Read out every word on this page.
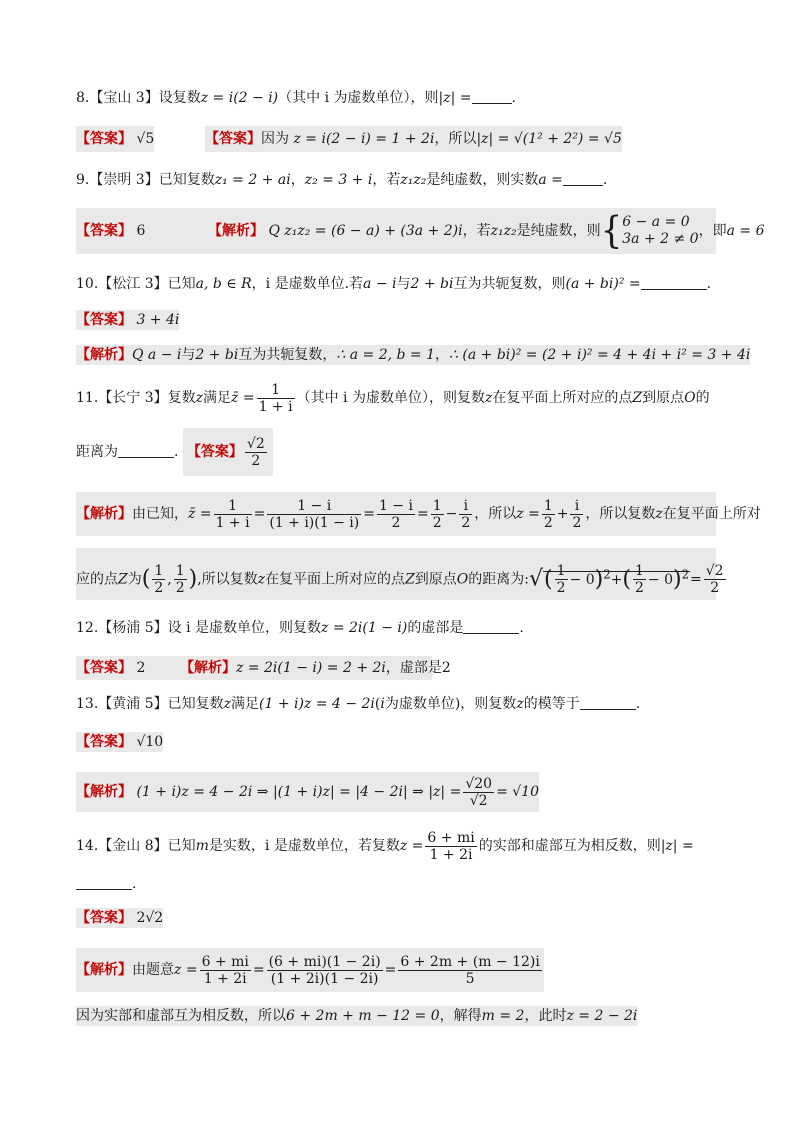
8.【宝山 3】设复数z = i(2 − i)（其中 i 为虚数单位），则|z| =	.
【答案】 √5	【答案】因为 z = i(2 − i) = 1 + 2i，所以|z| = √(1² + 2²) = √5
9.【崇明 3】已知复数z₁ = 2 + ai，z₂ = 3 + i，若z₁z₂是纯虚数，则实数a =	.
【答案】 6	【解析】 Q z₁z₂ = (6 − a) + (3a + 2)i，若z₁z₂是纯虚数，则{ 6 − a = 0
3a + 2 ≠ 0 ，即a = 6
10.【松江 3】已知a, b ∈ R，i 是虚数单位.若a − i与2 + bi互为共轭复数，则(a + bi)² =	.
【答案】 3 + 4i
【解析】Q a − i与2 + bi互为共轭复数，∴ a = 2, b = 1，∴ (a + bi)² = (2 + i)² = 4 + 4i + i² = 3 + 4i
11.【长宁 3】复数z满足z̄ = $\frac{1}{1 + i}$ （其中 i 为虚数单位），则复数z在复平面上所对应的点Z到原点O的
距离为	. 【答案】 $\frac{√2}{2}$
【解析】由已知，z̄ = $\frac{1}{1 + i} = \frac{1 - i}{(1 + i)(1 - i)} = \frac{1 - i}{2} = \frac{1}{2} - \frac{i}{2}$ ，所以$z = \frac{1}{2} + \frac{i}{2}$ ，所以复数z在复平面上所对
应的点Z为( $\frac{1}{2}$ , $\frac{1}{2}$ ),所以复数z在复平面上所对应的点Z到原点O的距离为:√( $\frac{1}{2} - 0)^2+( \frac{1}{2} - 0)^2= \frac{√2}{2}$
12.【杨浦 5】设 i 是虚数单位，则复数z = 2i(1 − i)的虚部是	.
【答案】 2 【解析】z = 2i(1 − i) = 2 + 2i，虚部是2
13.【黄浦 5】已知复数z满足(1 + i)z = 4 − 2i(i为虚数单位)，则复数z的模等于	.
【答案】 √10
【解析】 (1 + i)z = 4 − 2i ⇒ |(1 + i)z| = |4 − 2i| ⇒ $|z| = \frac{√20}{√2} = √10$
14.【金山 8】已知m是实数，i 是虚数单位，若复数$z = \frac{6 + mi}{1 + 2i}$ 的实部和虚部互为相反数，则|z| =
.
【答案】 2√2
【解析】由题意$z = \frac{6 + mi}{1 + 2i} = \frac{(6 + mi)(1 - 2i)}{(1 + 2i)(1 - 2i)} = \frac{6 + 2m + (m - 12)i}{5}$
因为实部和虚部互为相反数，所以6 + 2m + m − 12 = 0，解得m = 2，此时z = 2 − 2i
